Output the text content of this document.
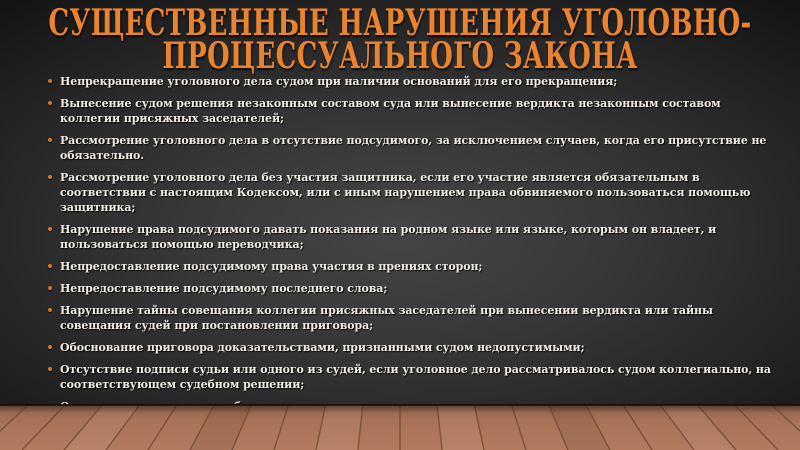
СУЩЕСТВЕННЫЕ НАРУШЕНИЯ УГОЛОВНО-
ПРОЦЕССУАЛЬНОГО ЗАКОНА
Непрекращение уголовного дела судом при наличии оснований для его прекращения;
Вынесение судом решения незаконным составом суда или вынесение вердикта незаконным составом коллегии присяжных заседателей;
Рассмотрение уголовного дела в отсутствие подсудимого, за исключением случаев, когда его присутствие не обязательно.
Рассмотрение уголовного дела без участия защитника, если его участие является обязательным в соответствии с настоящим Кодексом, или с иным нарушением права обвиняемого пользоваться помощью защитника;
Нарушение права подсудимого давать показания на родном языке или языке, которым он владеет, и пользоваться помощью переводчика;
Непредоставление подсудимому права участия в прениях сторон;
Непредоставление подсудимому последнего слова;
Нарушение тайны совещания коллегии присяжных заседателей при вынесении вердикта или тайны совещания судей при постановлении приговора;
Обоснование приговора доказательствами, признанными судом недопустимыми;
Отсутствие подписи судьи или одного из судей, если уголовное дело рассматривалось судом коллегиально, на соответствующем судебном решении;
